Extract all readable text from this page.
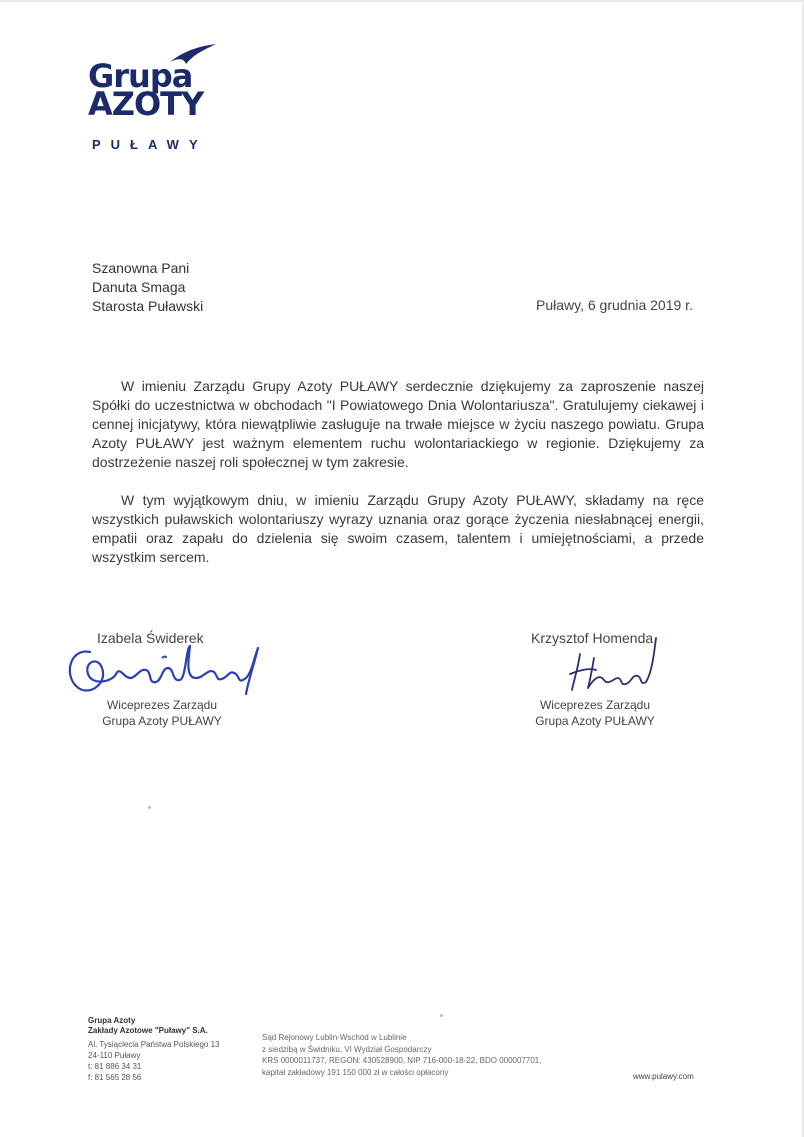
Grupa
AZOTY
PUŁAWY
Szanowna Pani
Danuta Smaga
Starosta Puławski	Puławy, 6 grudnia 2019 r.

W imieniu Zarządu Grupy Azoty PUŁAWY serdecznie dziękujemy za zaproszenie naszej Spółki do uczestnictwa w obchodach "I Powiatowego Dnia Wolontariusza". Gratulujemy ciekawej i cennej inicjatywy, która niewątpliwie zasługuje na trwałe miejsce w życiu naszego powiatu. Grupa Azoty PUŁAWY jest ważnym elementem ruchu wolontariackiego w regionie. Dziękujemy za dostrzeżenie naszej roli społecznej w tym zakresie.

W tym wyjątkowym dniu, w imieniu Zarządu Grupy Azoty PUŁAWY, składamy na ręce wszystkich puławskich wolontariuszy wyrazy uznania oraz gorące życzenia niesłabnącej energii, empatii oraz zapału do dzielenia się swoim czasem, talentem i umiejętnościami, a przede wszystkim sercem.

Izabela Świderek
Wiceprezes Zarządu
Grupa Azoty PUŁAWY
Krzysztof Homenda
Wiceprezes Zarządu
Grupa Azoty PUŁAWY
Grupa Azoty
Zakłady Azotowe "Puławy" S.A.
Al. Tysiąclecia Państwa Polskiego 13
24-110 Puławy
t: 81 886 34 31
f: 81 565 28 56
Sąd Rejonowy Lublin-Wschód w Lublinie
z siedzibą w Świdniku, VI Wydział Gospodarczy
KRS 0000011737, REGON: 430528900, NIP 716-000-18-22, BDO 000007701,
kapitał zakładowy 191 150 000 zł w całości opłacony	www.pulawy.com
